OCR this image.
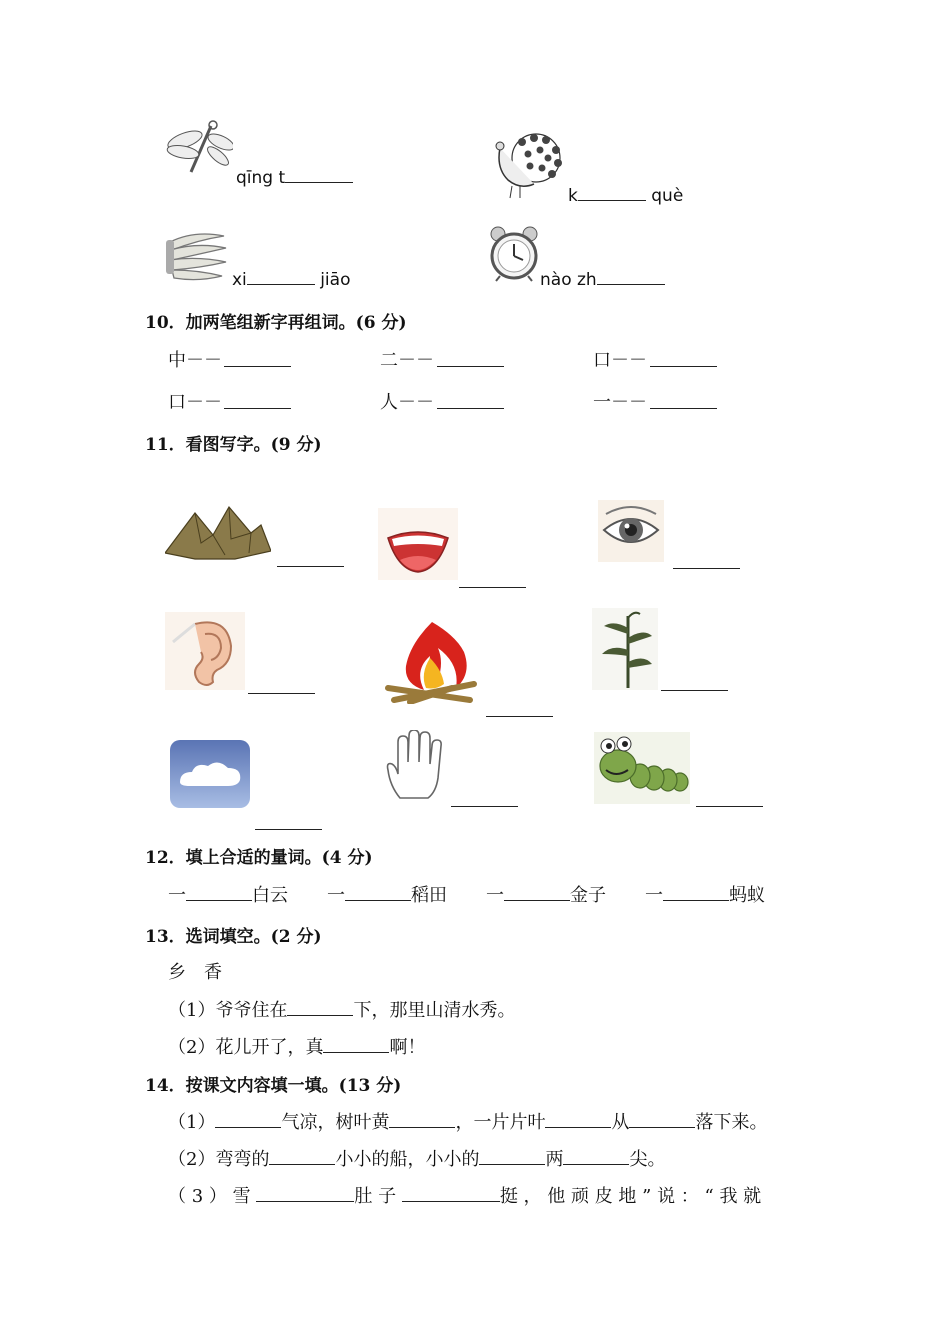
qīng t
k	què
xi	jiāo	nào zh
10．加两笔组新字再组词。(6 分)
中－－	二－－	口－－
口－－	人－－	一－－
11．看图写字。(9 分)
12．填上合适的量词。(4 分)
一	白云 一	稻田 一	金子 一	蚂蚁
13．选词填空。(2 分)
乡　香
（1）爷爷住在	下，那里山清水秀。
（2）花儿开了，真	啊！
14．按课文内容填一填。(13 分)
（1）	气凉，树叶黄	，一片片叶	从	落下来。
（2）弯弯的	小小的船，小小的	两	尖。
（ 3 ） 雪	肚 子	挺 ， 他 顽 皮 地 ” 说 ： “ 我 就
